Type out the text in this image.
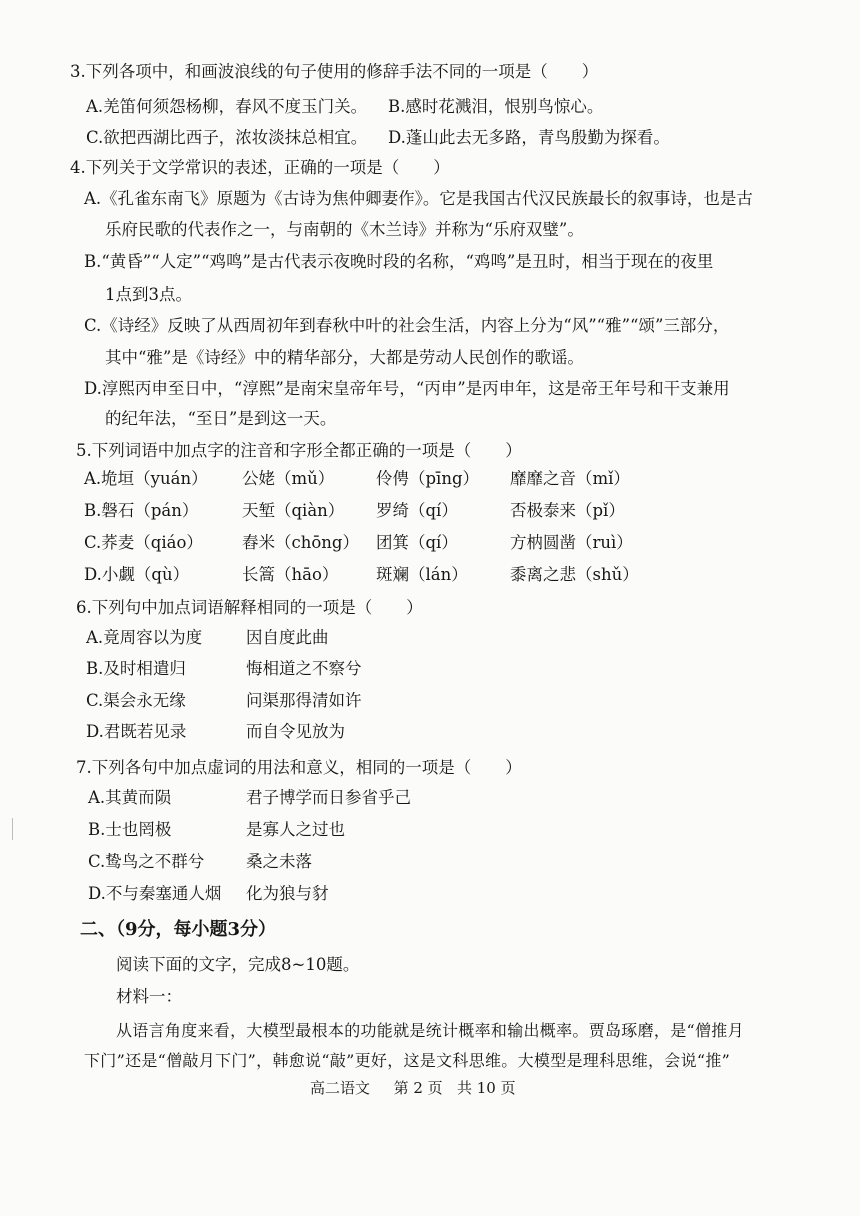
3.下列各项中，和画波浪线的句子使用的修辞手法不同的一项是（ ）
A.羌笛何须怨杨柳，春风不度玉门关。 B.感时花溅泪，恨别鸟惊心。
C.欲把西湖比西子，浓妆淡抹总相宜。 D.蓬山此去无多路，青鸟殷勤为探看。
4.下列关于文学常识的表述，正确的一项是（ ）
A.《孔雀东南飞》原题为《古诗为焦仲卿妻作》。它是我国古代汉民族最长的叙事诗，也是古
乐府民歌的代表作之一，与南朝的《木兰诗》并称为“乐府双璧”。
B.“黄昏”“人定”“鸡鸣”是古代表示夜晚时段的名称，“鸡鸣”是丑时，相当于现在的夜里
1点到3点。
C.《诗经》反映了从西周初年到春秋中叶的社会生活，内容上分为“风”“雅”“颂”三部分，
其中“雅”是《诗经》中的精华部分，大都是劳动人民创作的歌谣。
D.淳熙丙申至日中，“淳熙”是南宋皇帝年号，“丙申”是丙申年，这是帝王年号和干支兼用
的纪年法，“至日”是到这一天。
5.下列词语中加点字的注音和字形全都正确的一项是（ ）
A.垝垣（yuán） 公姥（mǔ）	伶俜（pīng） 靡靡之音（mǐ）
B.磐石（pán）	天堑（qiàn） 罗绮（qí）	否极泰来（pǐ）
C.荞麦（qiáo） 舂米（chōng） 团箕（qí）	方枘圆凿（ruì）
D.小觑（qù）	长篙（hāo） 斑斓（lán）	黍离之悲（shǔ）
6.下列句中加点词语解释相同的一项是（ ）
A.竟周容以为度	因自度此曲
B.及时相遣归	悔相道之不察兮
C.渠会永无缘	问渠那得清如许
D.君既若见录	而自令见放为
7.下列各句中加点虚词的用法和意义，相同的一项是（ ）
A.其黄而陨	君子博学而日参省乎己
B.士也罔极	是寡人之过也
C.鸷鸟之不群兮	桑之未落
D.不与秦塞通人烟 化为狼与豺
二、（9分，每小题3分）
阅读下面的文字，完成8~10题。
材料一：
从语言角度来看，大模型最根本的功能就是统计概率和输出概率。贾岛琢磨，是“僧推月
下门”还是“僧敲月下门”，韩愈说“敲”更好，这是文科思维。大模型是理科思维，会说“推”
高二语文 第 2 页   共 10 页
